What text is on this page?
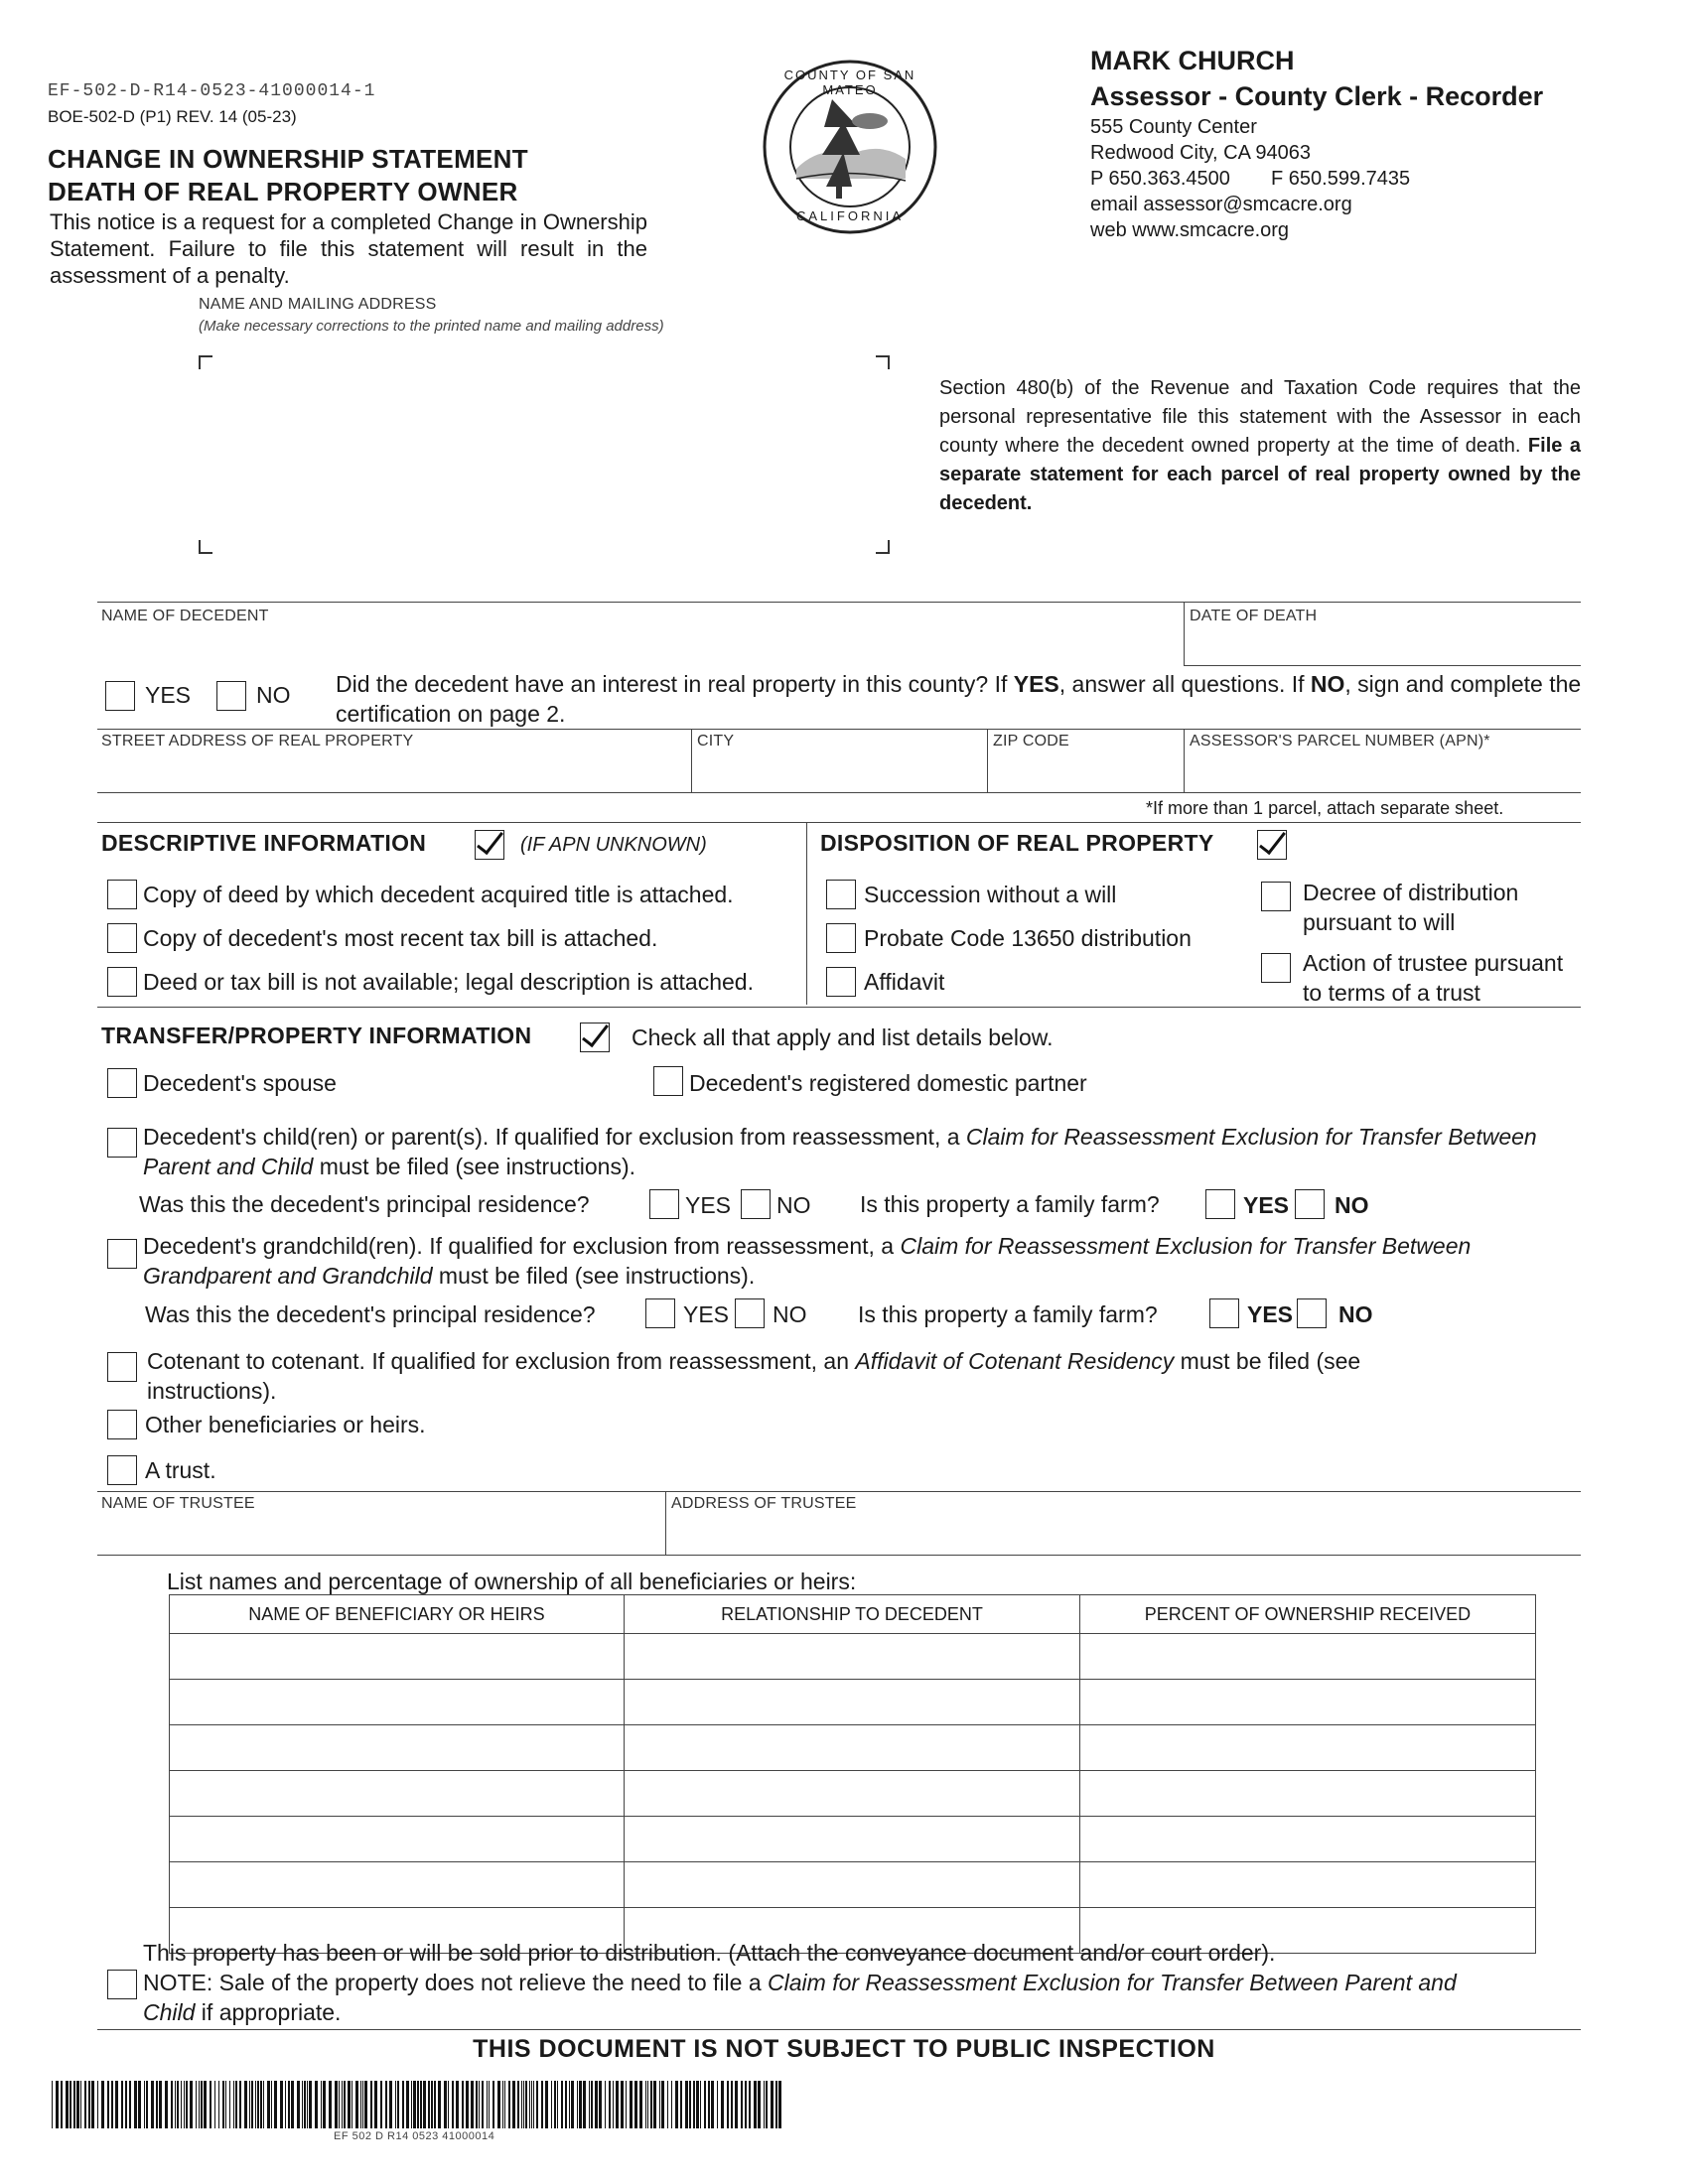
EF-502-D-R14-0523-41000014-1
BOE-502-D (P1) REV. 14 (05-23)
CHANGE IN OWNERSHIP STATEMENT
DEATH OF REAL PROPERTY OWNER
This notice is a request for a completed Change in Ownership Statement. Failure to file this statement will result in the assessment of a penalty.
COUNTY OF SAN MATEO
CALIFORNIA
MARK CHURCH
Assessor - County Clerk - Recorder
555 County Center
Redwood City, CA 94063
P 650.363.4500 F 650.599.7435
email assessor@smcacre.org
web www.smcacre.org
NAME AND MAILING ADDRESS
(Make necessary corrections to the printed name and mailing address)
Section 480(b) of the Revenue and Taxation Code requires that the personal representative file this statement with the Assessor in each county where the decedent owned property at the time of death. File a separate statement for each parcel of real property owned by the decedent.
NAME OF DECEDENT	DATE OF DEATH
YES	NO Did the decedent have an interest in real property in this county? If YES, answer all questions. If NO, sign and complete the certification on page 2.
STREET ADDRESS OF REAL PROPERTY	CITY	ZIP CODE	ASSESSOR'S PARCEL NUMBER (APN)*
*If more than 1 parcel, attach separate sheet.
DESCRIPTIVE INFORMATION	(IF APN UNKNOWN)
Copy of deed by which decedent acquired title is attached.
Copy of decedent's most recent tax bill is attached.
Deed or tax bill is not available; legal description is attached.
DISPOSITION OF REAL PROPERTY
Succession without a will
Probate Code 13650 distribution
Affidavit
Decree of distribution
pursuant to will
Action of trustee pursuant
to terms of a trust
TRANSFER/PROPERTY INFORMATION	Check all that apply and list details below.
Decedent's spouse	Decedent's registered domestic partner
Decedent's child(ren) or parent(s). If qualified for exclusion from reassessment, a Claim for Reassessment Exclusion for Transfer Between Parent and Child must be filed (see instructions).
Was this the decedent's principal residence?	YES NO Is this property a family farm?	YES NO
Decedent's grandchild(ren). If qualified for exclusion from reassessment, a Claim for Reassessment Exclusion for Transfer Between Grandparent and Grandchild must be filed (see instructions).
Was this the decedent's principal residence?	YES NO Is this property a family farm?	YES NO
Cotenant to cotenant. If qualified for exclusion from reassessment, an Affidavit of Cotenant Residency must be filed (see instructions).
Other beneficiaries or heirs.
A trust.
NAME OF TRUSTEE	ADDRESS OF TRUSTEE
List names and percentage of ownership of all beneficiaries or heirs:
NAME OF BENEFICIARY OR HEIRS	RELATIONSHIP TO DECEDENT	PERCENT OF OWNERSHIP RECEIVED

This property has been or will be sold prior to distribution. (Attach the conveyance document and/or court order).
NOTE: Sale of the property does not relieve the need to file a Claim for Reassessment Exclusion for Transfer Between Parent and Child if appropriate.
THIS DOCUMENT IS NOT SUBJECT TO PUBLIC INSPECTION
EF 502 D R14 0523 41000014
